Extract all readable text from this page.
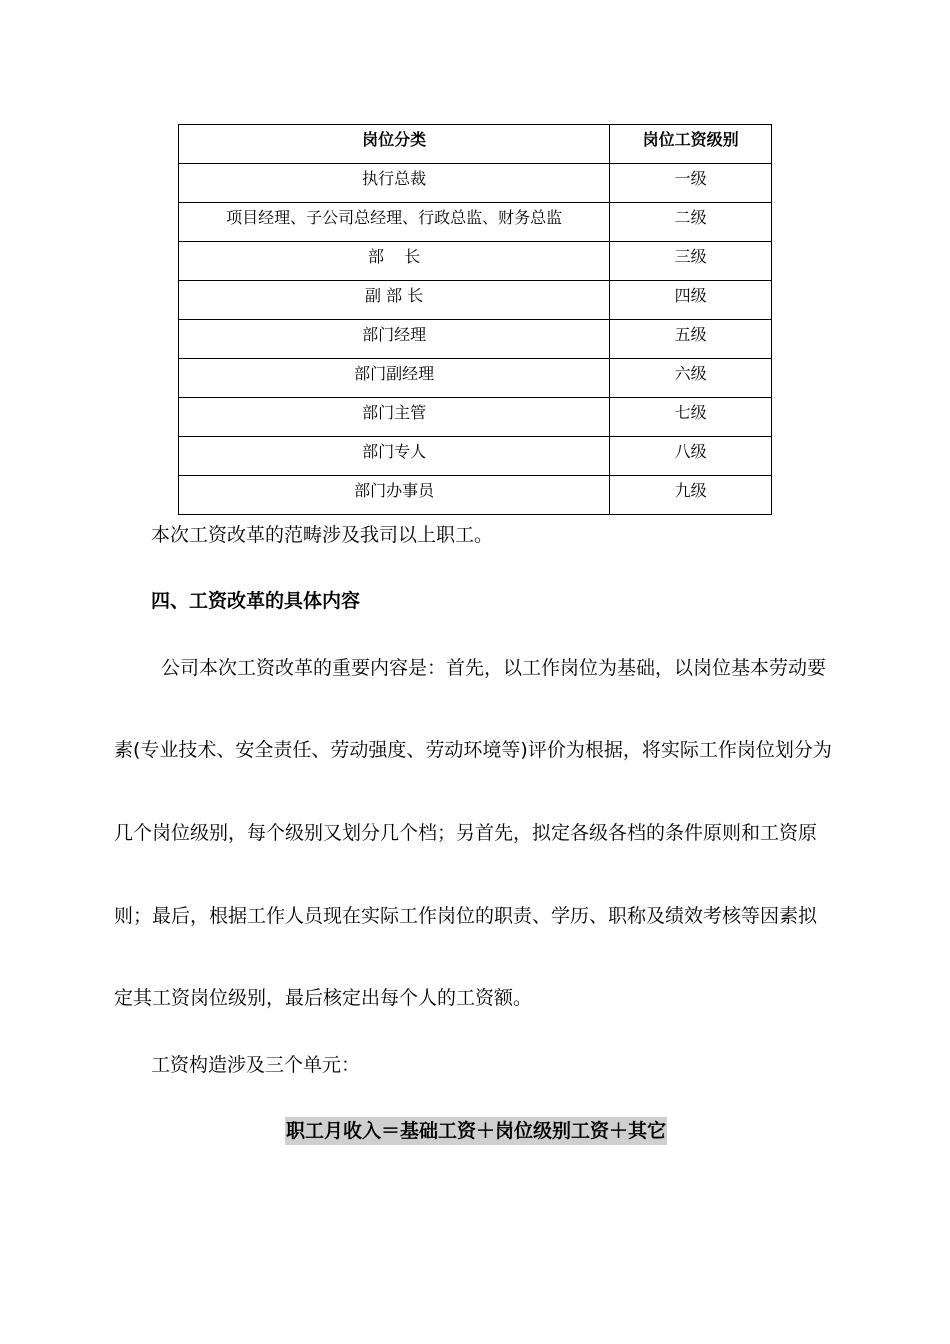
岗位分类	岗位工资级别
执行总裁	一级
项目经理、子公司总经理、行政总监、财务总监	二级
部    长	三级
副 部 长	四级
部门经理	五级
部门副经理	六级
部门主管	七级
部门专人	八级
部门办事员	九级
本次工资改革的范畴涉及我司以上职工。
四、工资改革的具体内容
公司本次工资改革的重要内容是：首先，以工作岗位为基础，以岗位基本劳动要
素(专业技术、安全责任、劳动强度、劳动环境等)评价为根据，将实际工作岗位划分为
几个岗位级别，每个级别又划分几个档；另首先，拟定各级各档的条件原则和工资原
则；最后，根据工作人员现在实际工作岗位的职责、学历、职称及绩效考核等因素拟
定其工资岗位级别，最后核定出每个人的工资额。
工资构造涉及三个单元：
职工月收入＝基础工资＋岗位级别工资＋其它
